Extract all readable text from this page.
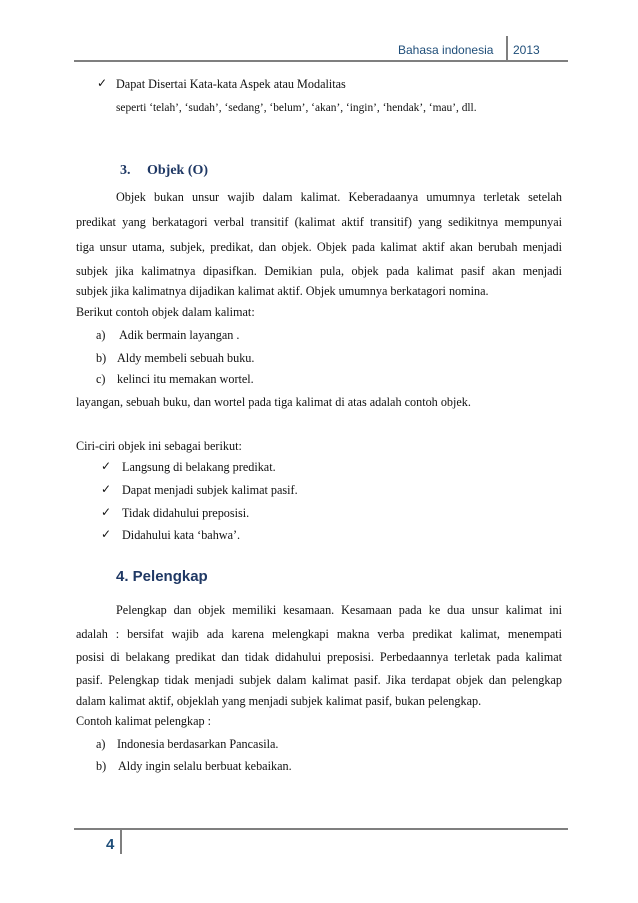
Bahasa indonesia 2013
✓ Dapat Disertai Kata-kata Aspek atau Modalitas
seperti ‘telah’, ‘sudah’, ‘sedang’, ‘belum’, ‘akan’, ‘ingin’, ‘hendak’, ‘mau’, dll.
3. Objek (O)
Objek bukan unsur wajib dalam kalimat. Keberadaanya umumnya terletak setelah
predikat yang berkatagori verbal transitif (kalimat aktif transitif) yang sedikitnya mempunyai
tiga unsur utama, subjek, predikat, dan objek. Objek pada kalimat aktif akan berubah menjadi
subjek jika kalimatnya dipasifkan. Demikian pula, objek pada kalimat pasif akan menjadi
subjek jika kalimatnya dijadikan kalimat aktif. Objek umumnya berkatagori nomina.
Berikut contoh objek dalam kalimat:
a) Adik bermain layangan .
b) Aldy membeli sebuah buku.
c) kelinci itu memakan wortel.
layangan, sebuah buku, dan wortel pada tiga kalimat di atas adalah contoh objek.
Ciri-ciri objek ini sebagai berikut:
✓ Langsung di belakang predikat.
✓ Dapat menjadi subjek kalimat pasif.
✓ Tidak didahului preposisi.
✓ Didahului kata ‘bahwa’.
4. Pelengkap
Pelengkap dan objek memiliki kesamaan. Kesamaan pada ke dua unsur kalimat ini
adalah : bersifat wajib ada karena melengkapi makna verba predikat kalimat, menempati
posisi di belakang predikat dan tidak didahului preposisi. Perbedaannya terletak pada kalimat
pasif. Pelengkap tidak menjadi subjek dalam kalimat pasif. Jika terdapat objek dan pelengkap
dalam kalimat aktif, objeklah yang menjadi subjek kalimat pasif, bukan pelengkap.
Contoh kalimat pelengkap :
a) Indonesia berdasarkan Pancasila.
b) Aldy ingin selalu berbuat kebaikan.
4
